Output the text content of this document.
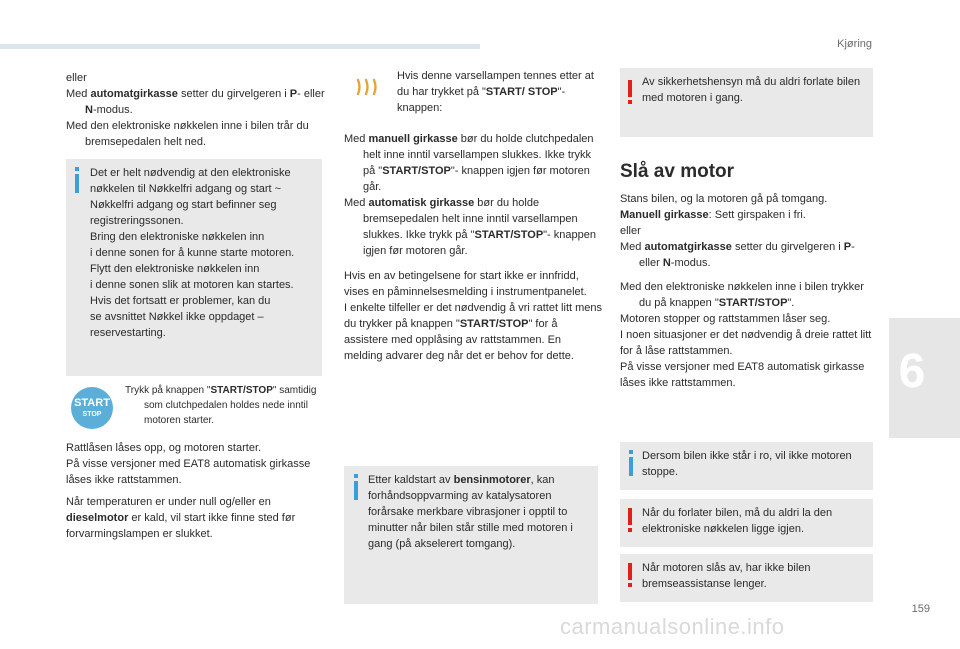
Kjøring
6
159
carmanualsonline.info
eller
Med automatgirkasse setter du girvelgeren i P- eller N-modus.
Med den elektroniske nøkkelen inne i bilen trår du bremsepedalen helt ned.
Det er helt nødvendig at den elektroniske
nøkkelen til Nøkkelfri adgang og start ~
Nøkkelfri adgang og start befinner seg
registreringssonen.
Bring den elektroniske nøkkelen inn
i denne sonen for å kunne starte motoren.
Flytt den elektroniske nøkkelen inn
i denne sonen slik at motoren kan startes.
Hvis det fortsatt er problemer, kan du
se avsnittet Nøkkel ikke oppdaget –
reservestarting.
START
STOP
Trykk på knappen "START/STOP" samtidig som clutchpedalen holdes nede inntil motoren starter.
Rattlåsen låses opp, og motoren starter.
På visse versjoner med EAT8 automatisk girkasse låses ikke rattstammen.
Når temperaturen er under null og/eller en dieselmotor er kald, vil start ikke finne sted før forvarmingslampen er slukket.
Hvis denne varsellampen tennes etter at du har trykket på "START/ STOP"-knappen:
Med manuell girkasse bør du holde clutchpedalen helt inne inntil varsellampen slukkes. Ikke trykk på "START/STOP"- knappen igjen før motoren går.
Med automatisk girkasse bør du holde bremsepedalen helt inne inntil varsellampen slukkes. Ikke trykk på "START/STOP"- knappen igjen før motoren går.
Hvis en av betingelsene for start ikke er innfridd, vises en påminnelsesmelding i instrumentpanelet.
I enkelte tilfeller er det nødvendig å vri rattet litt mens du trykker på knappen "START/STOP" for å assistere med opplåsing av rattstammen. En melding advarer deg når det er behov for dette.
Etter kaldstart av bensinmotorer, kan forhåndsoppvarming av katalysatoren forårsake merkbare vibrasjoner i opptil to minutter når bilen står stille med motoren i gang (på akselerert tomgang).
Av sikkerhetshensyn må du aldri forlate bilen med motoren i gang.
Slå av motor
Stans bilen, og la motoren gå på tomgang.
Manuell girkasse: Sett girspaken i fri.
eller
Med automatgirkasse setter du girvelgeren i P- eller N-modus.
Med den elektroniske nøkkelen inne i bilen trykker du på knappen "START/STOP".
Motoren stopper og rattstammen låser seg.
I noen situasjoner er det nødvendig å dreie rattet litt for å låse rattstammen.
På visse versjoner med EAT8 automatisk girkasse låses ikke rattstammen.
Dersom bilen ikke står i ro, vil ikke motoren stoppe.
Når du forlater bilen, må du aldri la den elektroniske nøkkelen ligge igjen.
Når motoren slås av, har ikke bilen bremseassistanse lenger.
